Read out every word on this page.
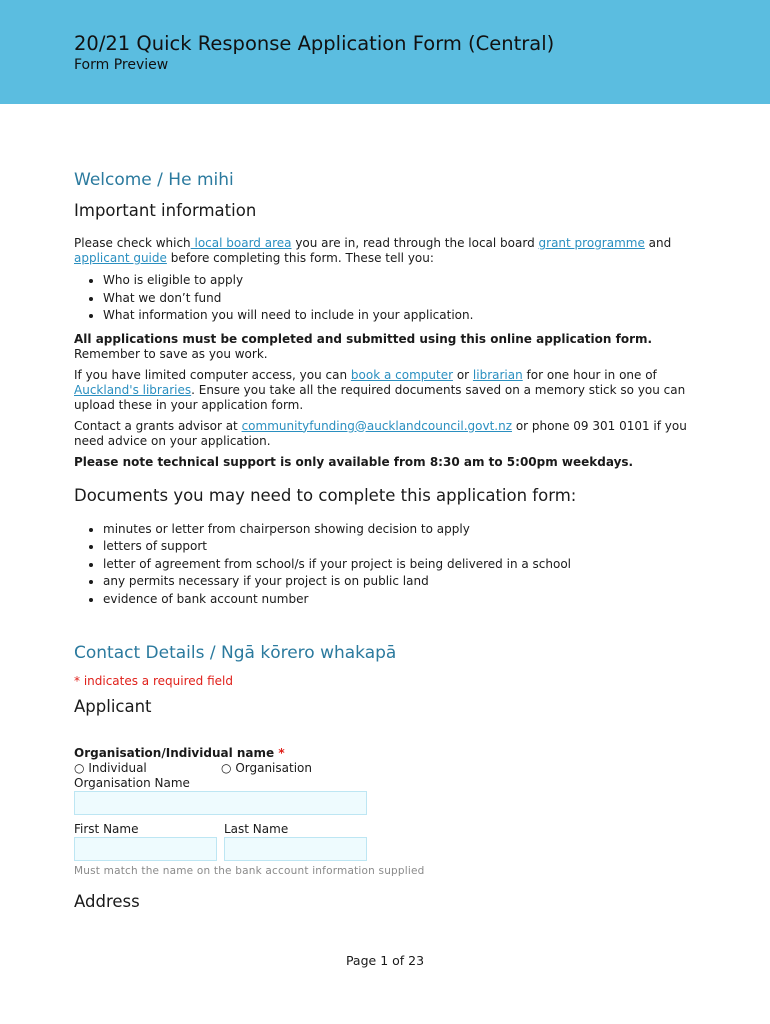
20/21 Quick Response Application Form (Central)
Form Preview
Welcome / He mihi
Important information

Please check which local board area you are in, read through the local board grant programme and applicant guide before completing this form. These tell you:

• Who is eligible to apply
• What we don’t fund
• What information you will need to include in your application.

All applications must be completed and submitted using this online application form. Remember to save as you work.

If you have limited computer access, you can book a computer or librarian for one hour in one of Auckland's libraries. Ensure you take all the required documents saved on a memory stick so you can upload these in your application form.

Contact a grants advisor at communityfunding@aucklandcouncil.govt.nz or phone 09 301 0101 if you need advice on your application.

Please note technical support is only available from 8:30 am to 5:00pm weekdays.

Documents you may need to complete this application form:
• minutes or letter from chairperson showing decision to apply
• letters of support
• letter of agreement from school/s if your project is being delivered in a school
• any permits necessary if your project is on public land
• evidence of bank account number
Contact Details / Ngā kōrero whakapā
* indicates a required field
Applicant
Organisation/Individual name *
○ Individual	○ Organisation
Organisation Name
First Name	Last Name
Must match the name on the bank account information supplied
Address
Page 1 of 23
